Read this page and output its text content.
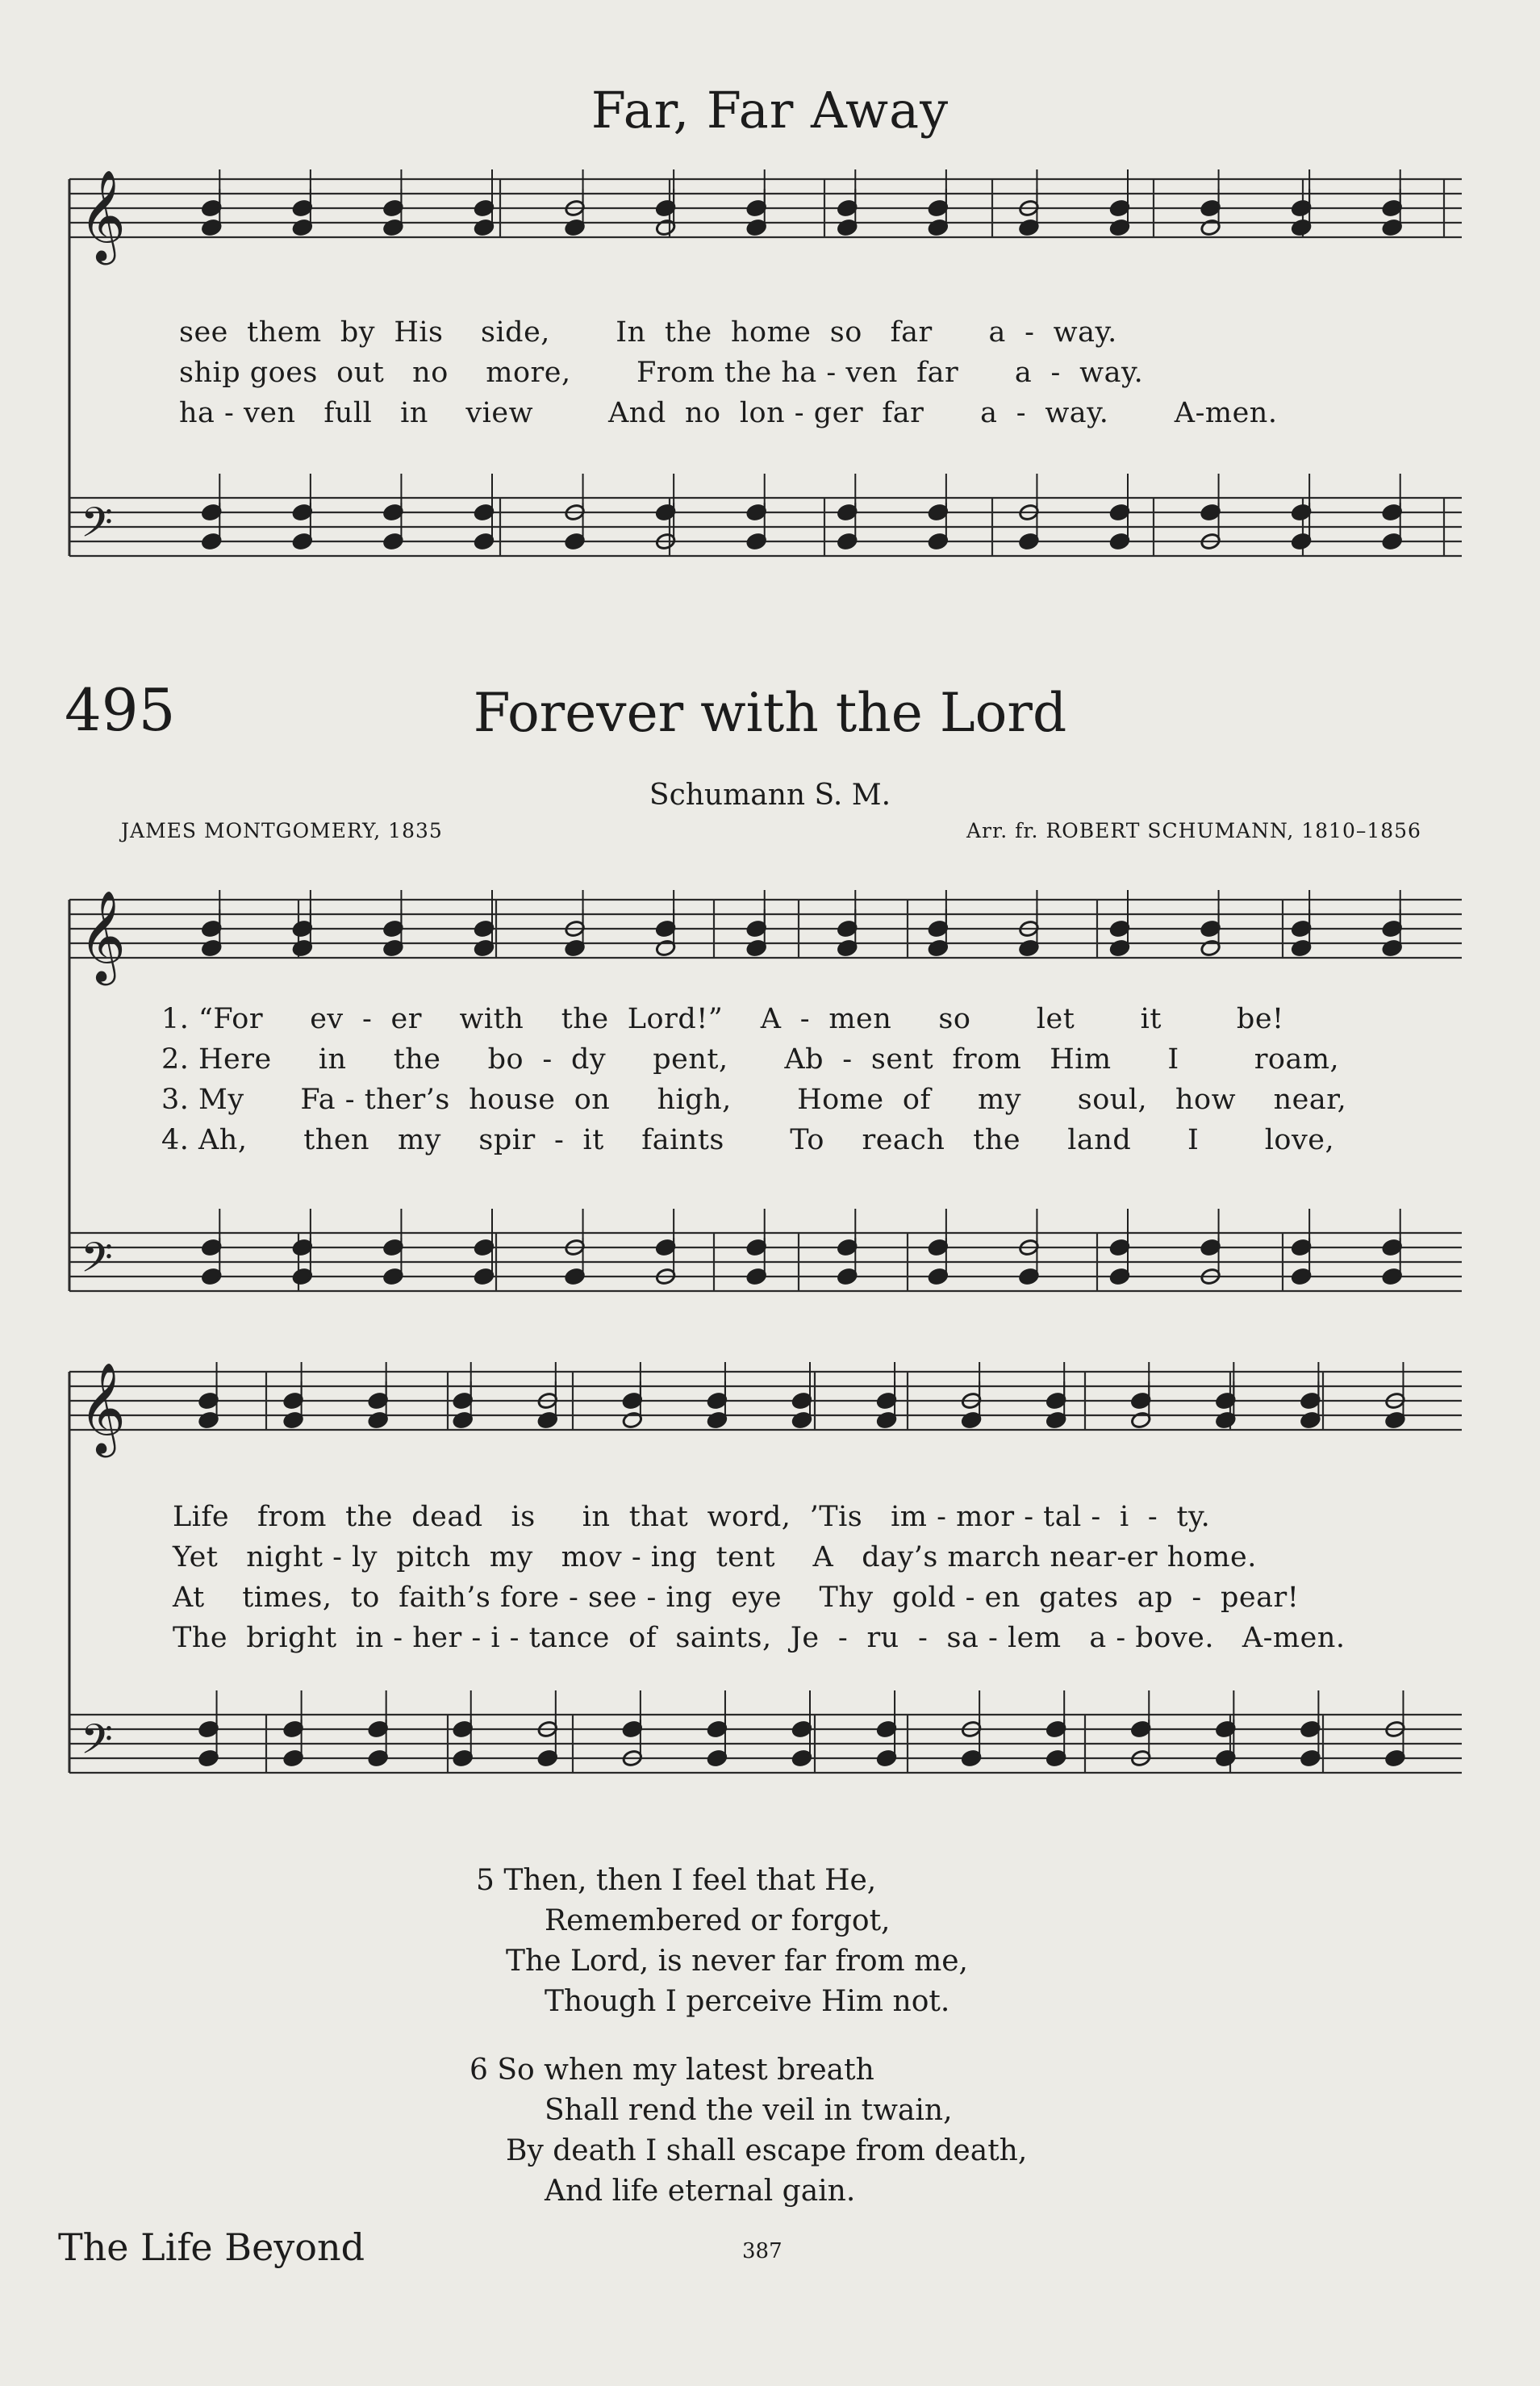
Far, Far Away
𝄞
𝄢
𝄞
𝄢
𝄞
𝄢
see  them  by  His    side,       In  the  home  so   far      a  -  way.
ship goes  out   no    more,       From the ha - ven  far      a  -  way.
ha - ven   full   in    view        And  no  lon - ger  far      a  -  way.       A-men.
495	Forever with the Lord
Schumann S. M.
JAMES MONTGOMERY, 1835	Arr. fr. ROBERT SCHUMANN, 1810–1856
1. “For     ev  -  er    with    the  Lord!”    A  -  men     so       let       it        be!
2. Here     in     the     bo  -  dy     pent,      Ab  -  sent  from   Him      I        roam,
3. My      Fa - ther’s  house  on     high,       Home  of     my      soul,   how    near,
4. Ah,      then   my    spir  -  it    faints       To    reach   the     land      I       love,
Life   from  the  dead   is     in  that  word,  ’Tis   im - mor - tal -  i  -  ty.
Yet   night - ly  pitch  my   mov - ing  tent    A   day’s march near-er home.
At    times,  to  faith’s fore - see - ing  eye    Thy  gold - en  gates  ap  -  pear!
The  bright  in - her - i - tance  of  saints,  Je  -  ru  -  sa - lem   a - bove.   A-men.
5 Then, then I feel that He,
Remembered or forgot,
The Lord, is never far from me,
Though I perceive Him not.
6 So when my latest breath
Shall rend the veil in twain,
By death I shall escape from death,
And life eternal gain.
The Life Beyond	387
